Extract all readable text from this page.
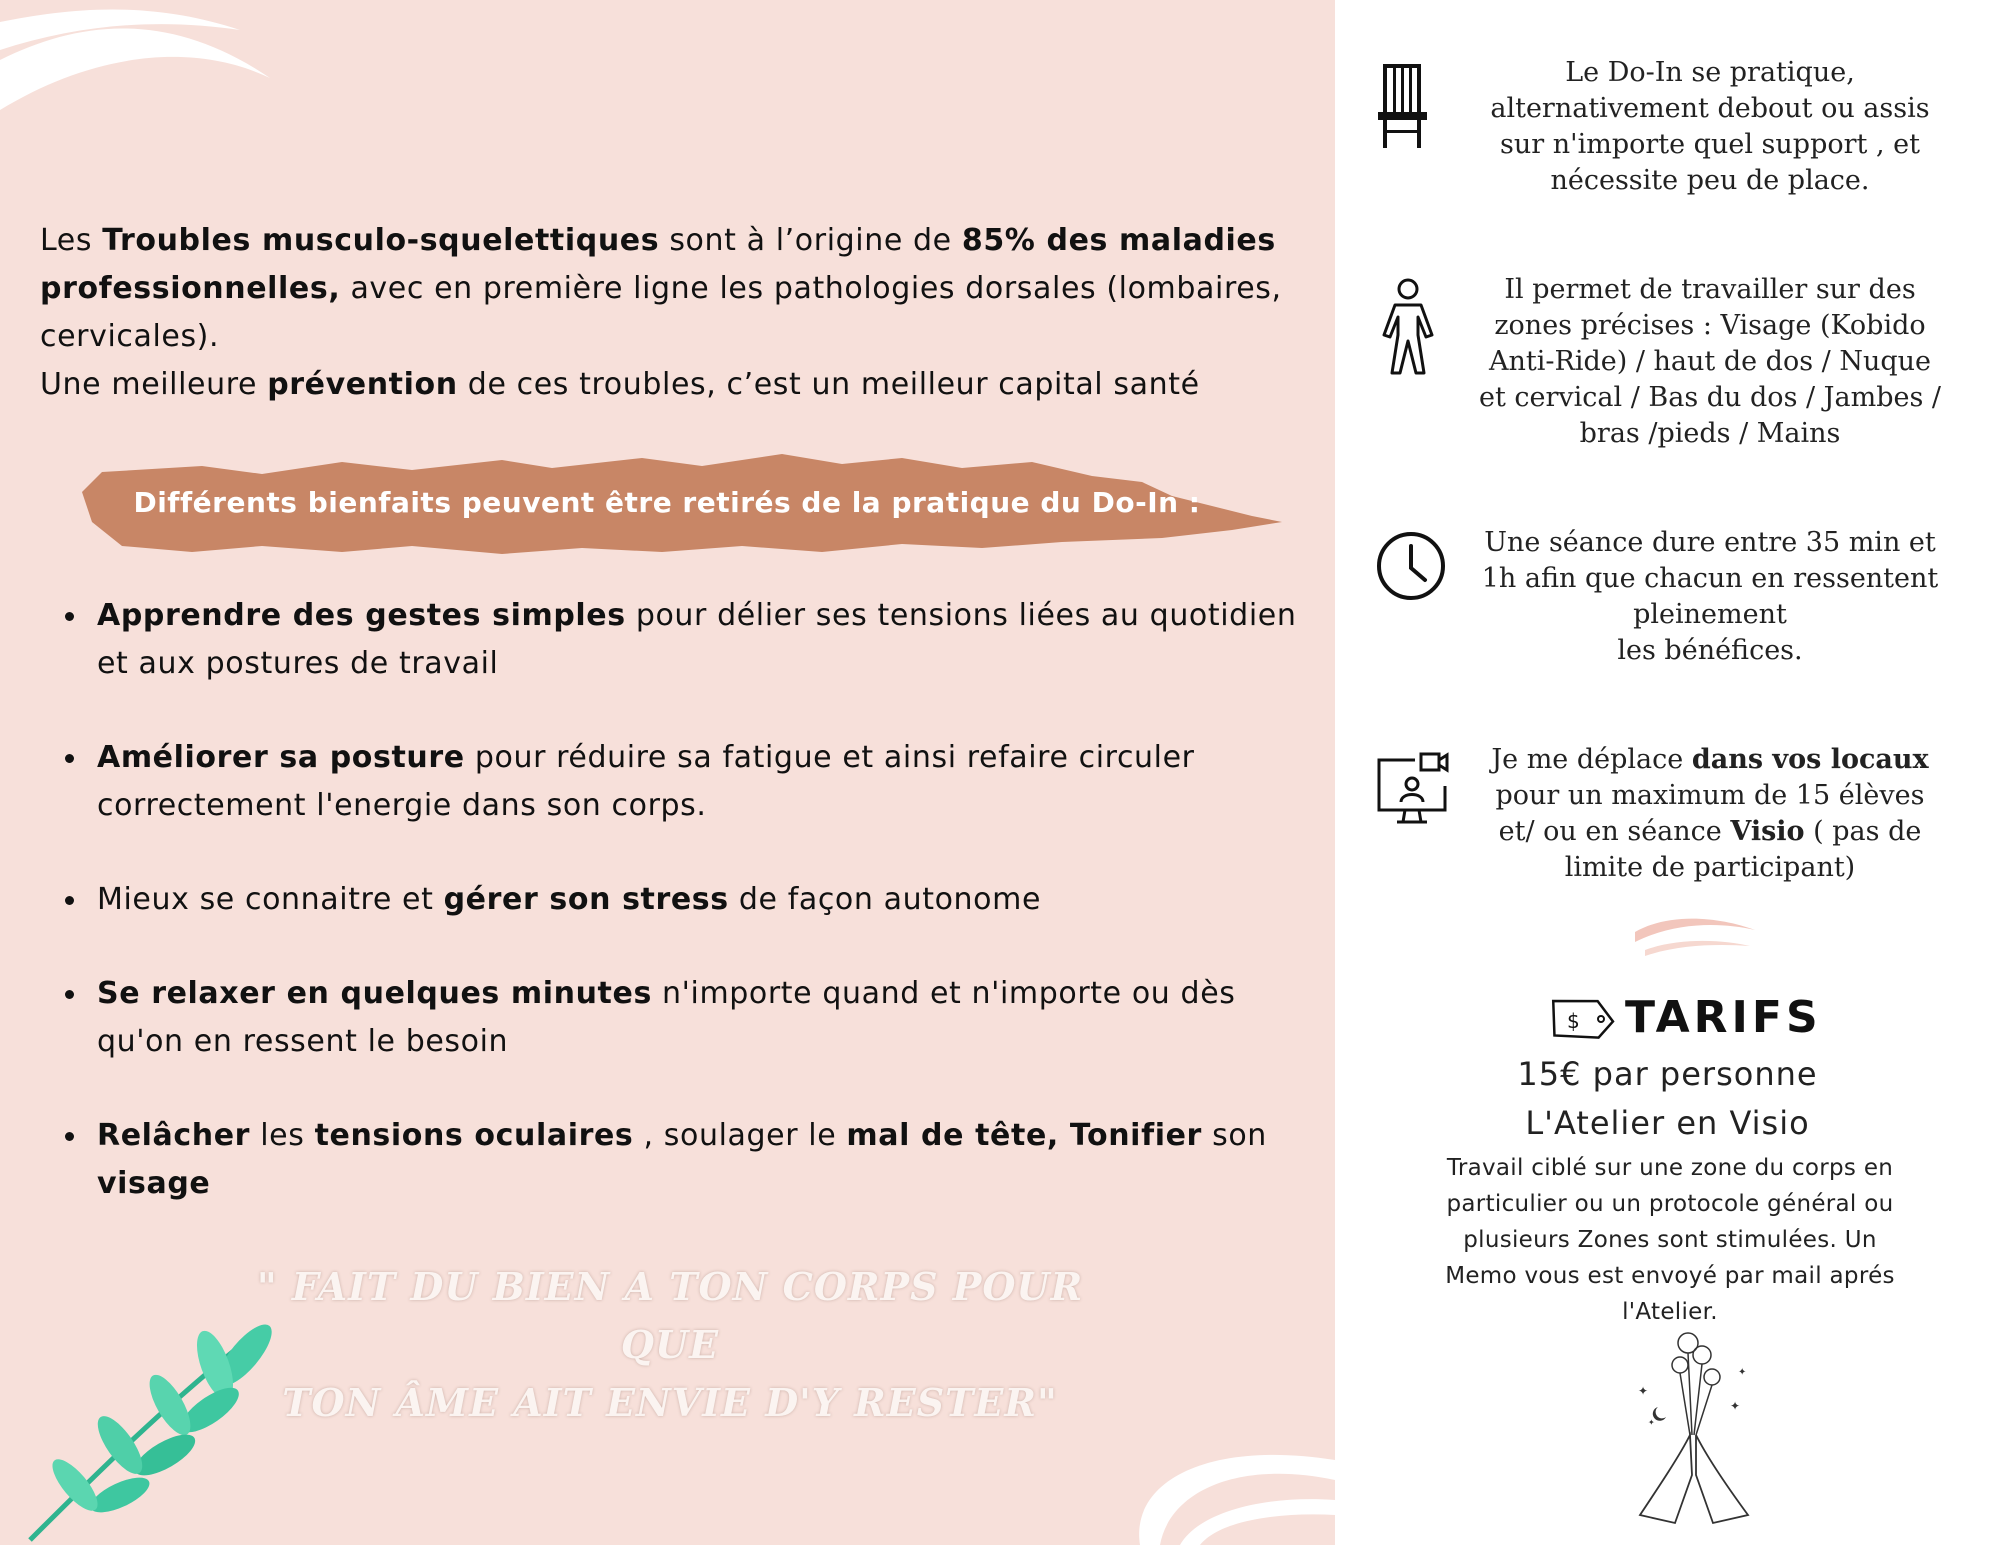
Les Troubles musculo-squelettiques sont à l’origine de 85% des maladies professionnelles, avec en première ligne les pathologies dorsales (lombaires, cervicales).
Une meilleure prévention de ces troubles, c’est un meilleur capital santé

Différents bienfaits peuvent être retirés de la pratique du Do-In :
Apprendre des gestes simples pour délier ses tensions liées au quotidien et aux postures de travail
Améliorer sa posture pour réduire sa fatigue et ainsi refaire circuler correctement l'energie dans son corps.
Mieux se connaitre et gérer son stress de façon autonome
Se relaxer en quelques minutes n'importe quand et n'importe ou dès qu'on en ressent le besoin
Relâcher les tensions oculaires , soulager le mal de tête, Tonifier son visage
" FAIT DU BIEN A TON CORPS POUR QUE
TON ÂME AIT ENVIE D'Y RESTER"
Le Do-In se pratique, alternativement debout ou assis sur n'importe quel support , et nécessite peu de place.
Il permet de travailler sur des zones précises : Visage (Kobido Anti-Ride) / haut de dos / Nuque et cervical / Bas du dos / Jambes / bras /pieds / Mains
Une séance dure entre 35 min et 1h afin que chacun en ressentent pleinement
les bénéfices.
Je me déplace dans vos locaux pour un maximum de 15 élèves et/ ou en séance Visio ( pas de limite de participant)
$ TARIFS
15€ par personne
L'Atelier en Visio
Travail ciblé sur une zone du corps en particulier ou un protocole général ou plusieurs Zones sont stimulées. Un Memo vous est envoyé par mail aprés l'Atelier.
✦
✦
✦
✦
